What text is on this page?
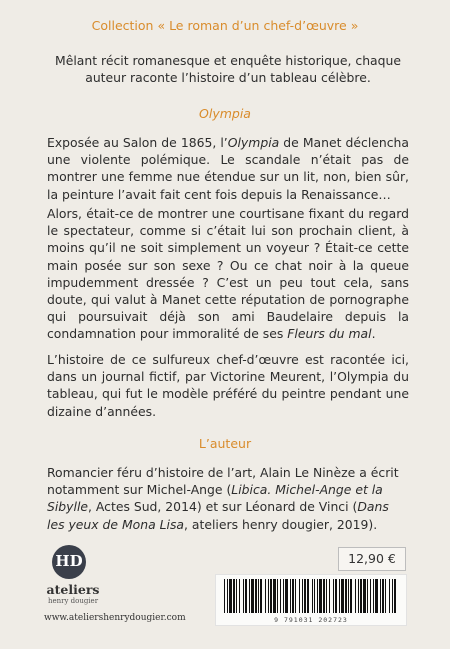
Collection « Le roman d’un chef-d’œuvre »

Mêlant récit romanesque et enquête historique, chaque auteur raconte l’histoire d’un tableau célèbre.

Olympia

Exposée au Salon de 1865, l’Olympia de Manet déclencha une violente polémique. Le scandale n’était pas de montrer une femme nue étendue sur un lit, non, bien sûr, la peinture l’avait fait cent fois depuis la Renaissance…

Alors, était-ce de montrer une courtisane fixant du regard le spectateur, comme si c’était lui son prochain client, à moins qu’il ne soit simplement un voyeur ? Était-ce cette main posée sur son sexe ? Ou ce chat noir à la queue impudemment dressée ? C’est un peu tout cela, sans doute, qui valut à Manet cette réputation de pornographe qui poursuivait déjà son ami Baudelaire depuis la condamnation pour immoralité de ses Fleurs du mal.

L’histoire de ce sulfureux chef-d’œuvre est racontée ici, dans un journal fictif, par Victorine Meurent, l’Olympia du tableau, qui fut le modèle préféré du peintre pendant une dizaine d’années.

L’auteur

Romancier féru d’histoire de l’art, Alain Le Ninèze a écrit notamment sur Michel-Ange (Libica. Michel-Ange et la Sibylle, Actes Sud, 2014) et sur Léonard de Vinci (Dans les yeux de Mona Lisa, ateliers henry dougier, 2019).

HD
ateliers
henry dougier
www.ateliershenrydougier.com
12,90 €
9 791031 202723
